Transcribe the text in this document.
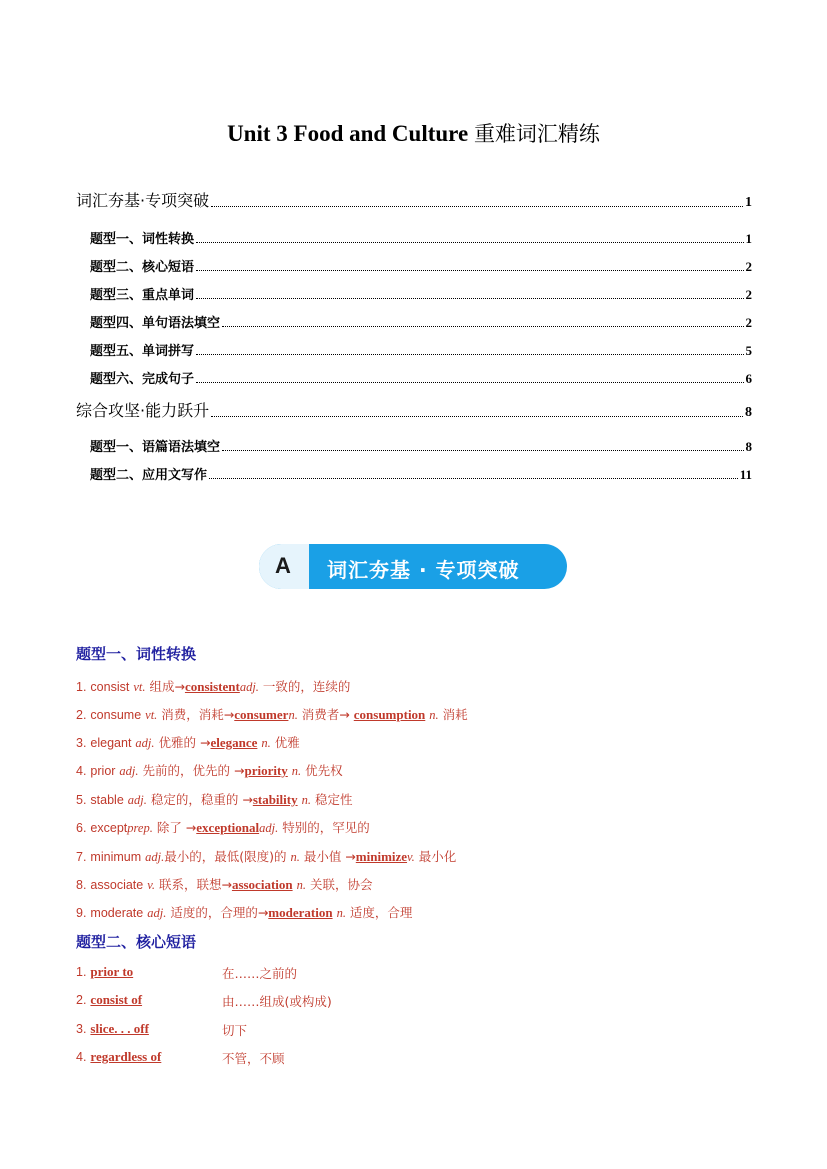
Unit 3 Food and Culture 重难词汇精练
词汇夯基·专项突破	1
题型一、词性转换	1
题型二、核心短语	2
题型三、重点单词	2
题型四、单句语法填空	2
题型五、单词拼写	5
题型六、完成句子	6
综合攻坚·能力跃升	8
题型一、语篇语法填空	8
题型二、应用文写作	11
A 词汇夯基 · 专项突破
题型一、词性转换
1. consist vt. 组成→consistentadj. 一致的，连续的
2. consume vt. 消费，消耗→consumern. 消费者→ consumption n. 消耗
3. elegant adj. 优雅的 →elegance n. 优雅
4. prior adj. 先前的，优先的 →priority n. 优先权
5. stable adj. 稳定的，稳重的 →stability n. 稳定性
6. exceptprep. 除了 →exceptionaladj. 特别的，罕见的
7. minimum adj.最小的，最低(限度)的 n. 最小值 →minimizev. 最小化
8. associate v. 联系，联想→association n. 关联，协会
9. moderate adj. 适度的，合理的→moderation n. 适度，合理
题型二、核心短语
1. prior to	在……之前的
2. consist of	由……组成(或构成)
3. slice. . . off	切下
4. regardless of	不管，不顾
